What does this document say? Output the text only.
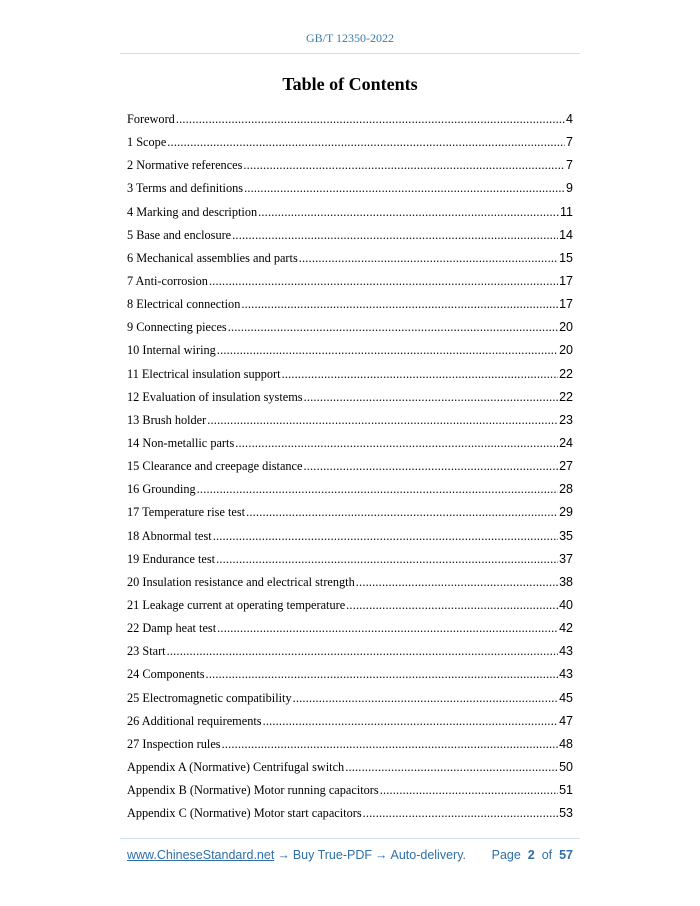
GB/T 12350-2022
Table of Contents
Foreword .....	4
1 Scope .....	7
2 Normative references .....	7
3 Terms and definitions .....	9
4 Marking and description .....	11
5 Base and enclosure .....	14
6 Mechanical assemblies and parts .....	15
7 Anti-corrosion .....	17
8 Electrical connection .....	17
9 Connecting pieces .....	20
10 Internal wiring .....	20
11 Electrical insulation support .....	22
12 Evaluation of insulation systems .....	22
13 Brush holder .....	23
14 Non-metallic parts .....	24
15 Clearance and creepage distance .....	27
16 Grounding .....	28
17 Temperature rise test .....	29
18 Abnormal test .....	35
19 Endurance test .....	37
20 Insulation resistance and electrical strength .....	38
21 Leakage current at operating temperature .....	40
22 Damp heat test .....	42
23 Start .....	43
24 Components .....	43
25 Electromagnetic compatibility .....	45
26 Additional requirements .....	47
27 Inspection rules .....	48
Appendix A (Normative) Centrifugal switch .....	50
Appendix B (Normative) Motor running capacitors .....	51
Appendix C (Normative) Motor start capacitors .....	53
www.ChineseStandard.net → Buy True-PDF → Auto-delivery. Page 2 of 57
